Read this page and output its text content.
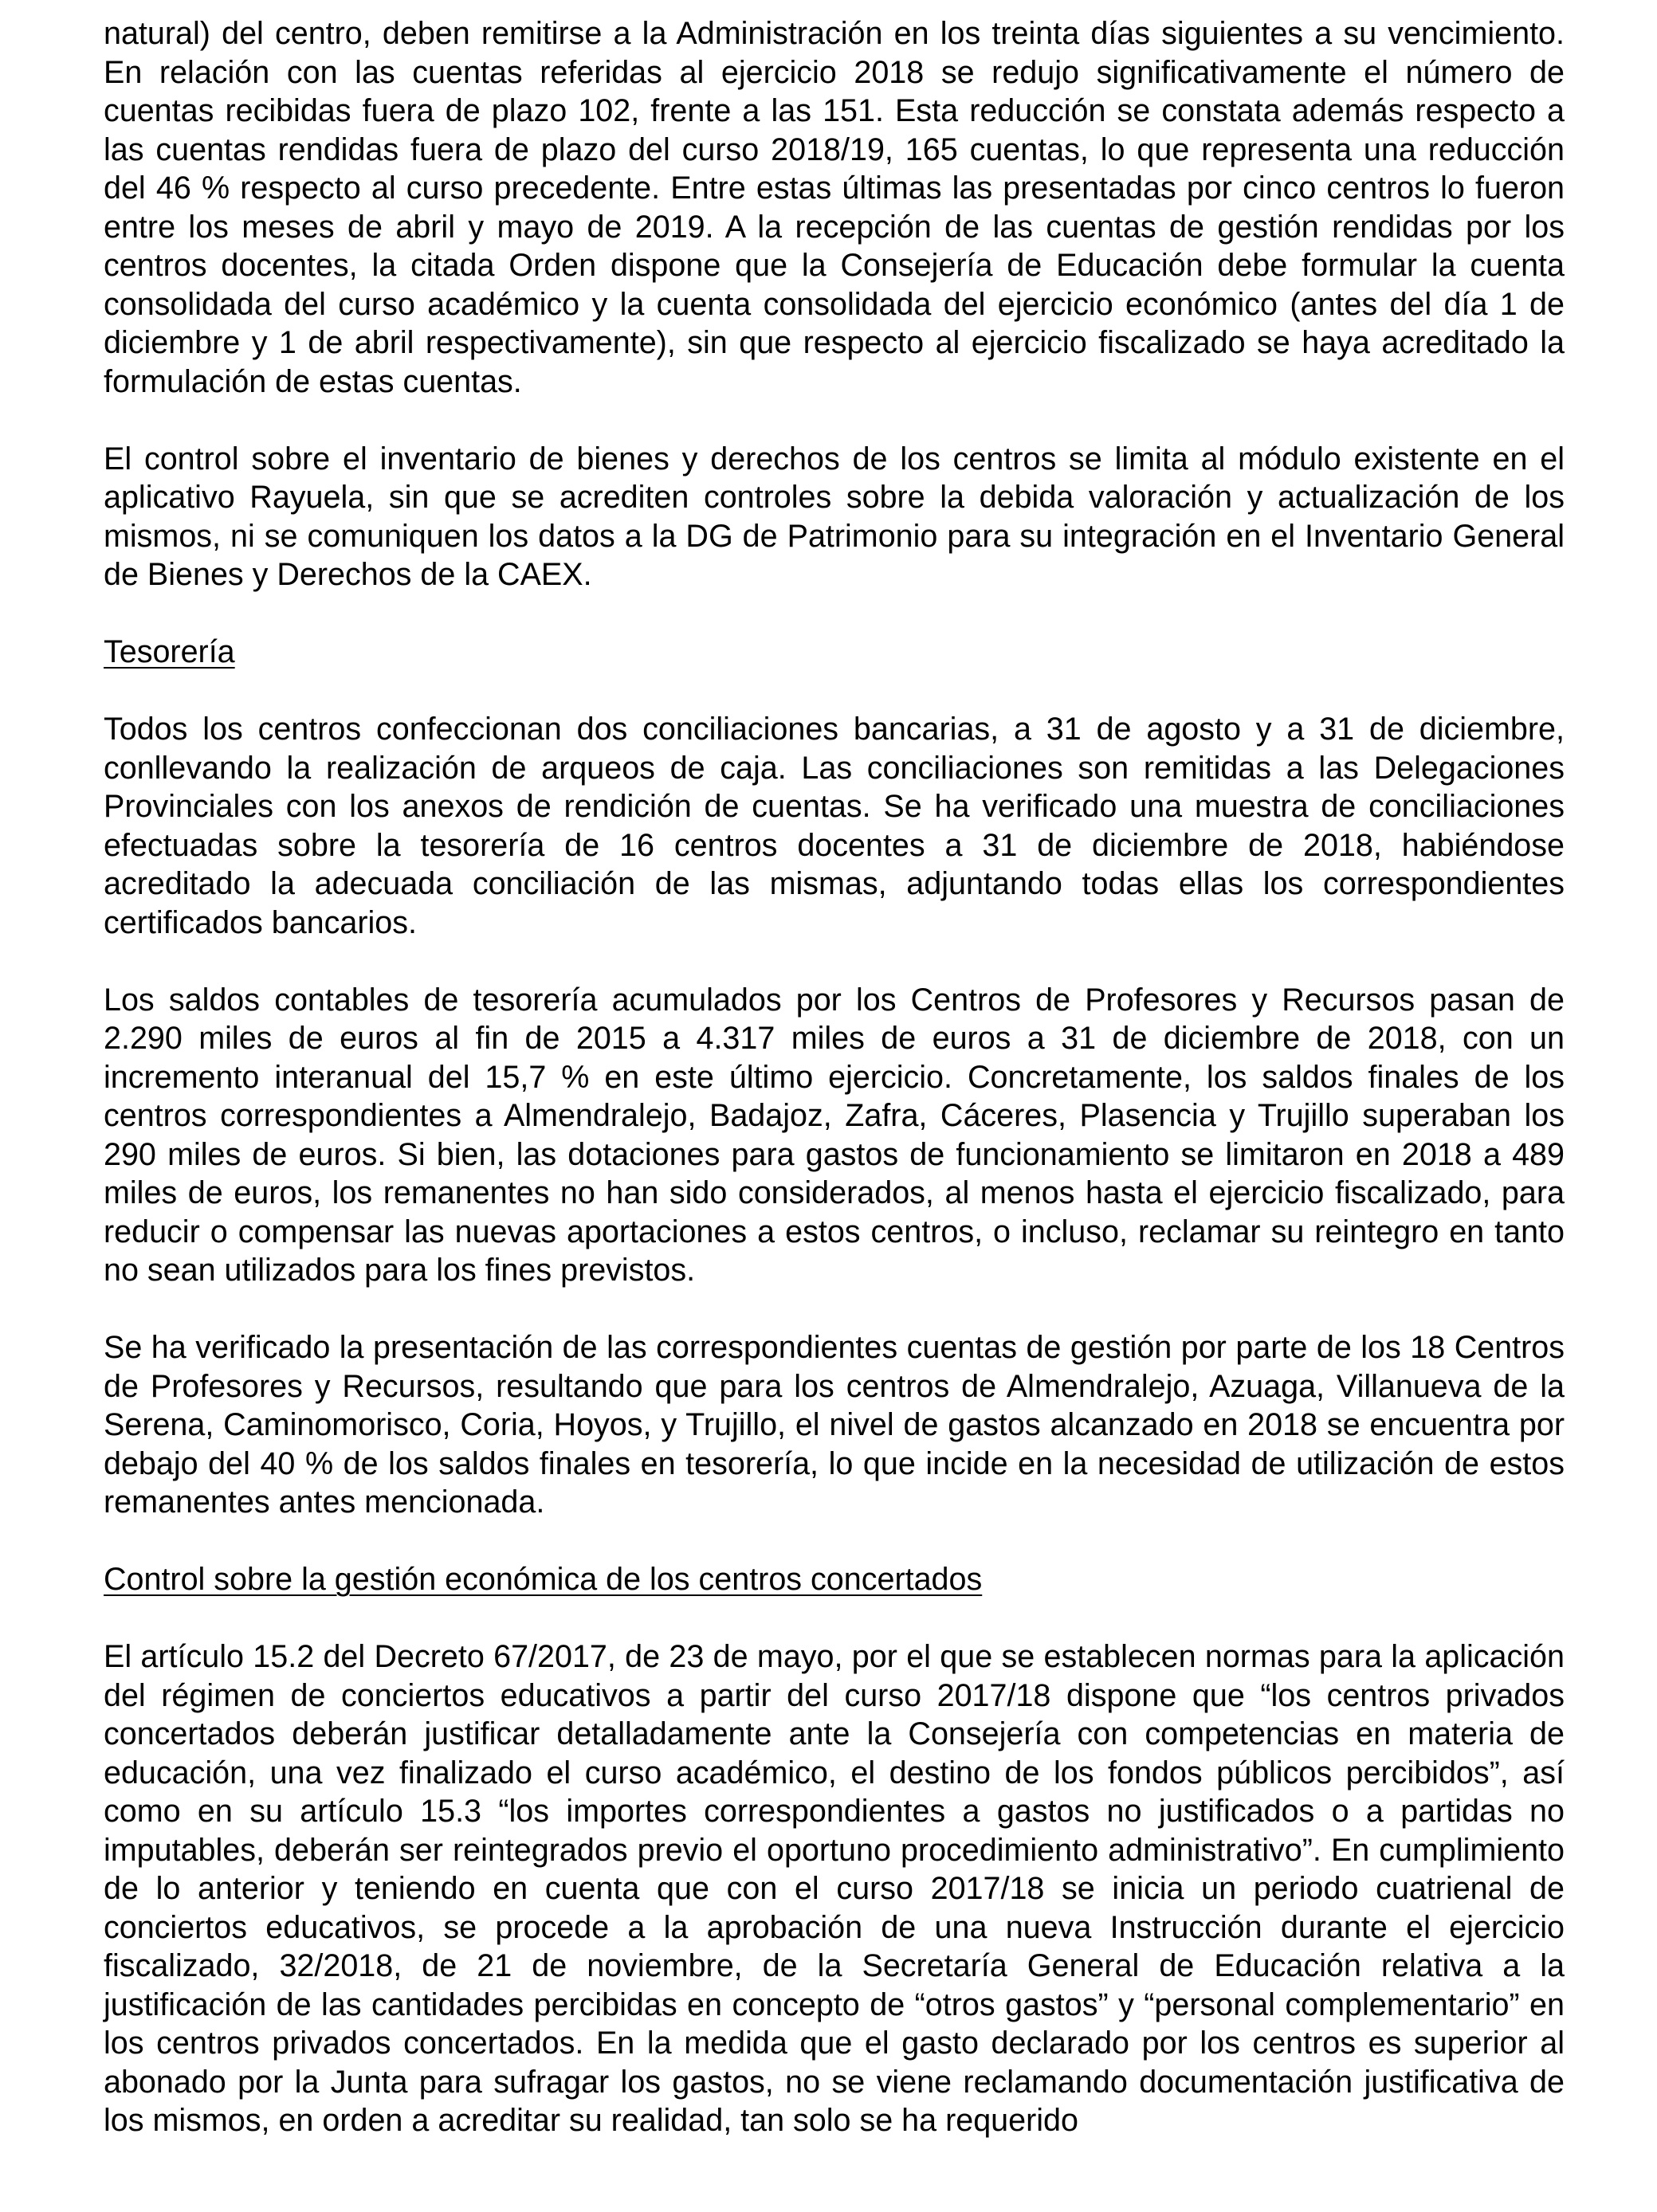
natural) del centro, deben remitirse a la Administración en los treinta días siguientes a su vencimiento. En relación con las cuentas referidas al ejercicio 2018 se redujo significativamente el número de cuentas recibidas fuera de plazo 102, frente a las 151. Esta reducción se constata además respecto a las cuentas rendidas fuera de plazo del curso 2018/19, 165 cuentas, lo que representa una reducción del 46 % respecto al curso precedente. Entre estas últimas las presentadas por cinco centros lo fueron entre los meses de abril y mayo de 2019. A la recepción de las cuentas de gestión rendidas por los centros docentes, la citada Orden dispone que la Consejería de Educación debe formular la cuenta consolidada del curso académico y la cuenta consolidada del ejercicio económico (antes del día 1 de diciembre y 1 de abril respectivamente), sin que respecto al ejercicio fiscalizado se haya acreditado la formulación de estas cuentas.

El control sobre el inventario de bienes y derechos de los centros se limita al módulo existente en el aplicativo Rayuela, sin que se acrediten controles sobre la debida valoración y actualización de los mismos, ni se comuniquen los datos a la DG de Patrimonio para su integración en el Inventario General de Bienes y Derechos de la CAEX.

Tesorería

Todos los centros confeccionan dos conciliaciones bancarias, a 31 de agosto y a 31 de diciembre, conllevando la realización de arqueos de caja. Las conciliaciones son remitidas a las Delegaciones Provinciales con los anexos de rendición de cuentas. Se ha verificado una muestra de conciliaciones efectuadas sobre la tesorería de 16 centros docentes a 31 de diciembre de 2018, habiéndose acreditado la adecuada conciliación de las mismas, adjuntando todas ellas los correspondientes certificados bancarios.

Los saldos contables de tesorería acumulados por los Centros de Profesores y Recursos pasan de 2.290 miles de euros al fin de 2015 a 4.317 miles de euros a 31 de diciembre de 2018, con un incremento interanual del 15,7 % en este último ejercicio. Concretamente, los saldos finales de los centros correspondientes a Almendralejo, Badajoz, Zafra, Cáceres, Plasencia y Trujillo superaban los 290 miles de euros. Si bien, las dotaciones para gastos de funcionamiento se limitaron en 2018 a 489 miles de euros, los remanentes no han sido considerados, al menos hasta el ejercicio fiscalizado, para reducir o compensar las nuevas aportaciones a estos centros, o incluso, reclamar su reintegro en tanto no sean utilizados para los fines previstos.

Se ha verificado la presentación de las correspondientes cuentas de gestión por parte de los 18 Centros de Profesores y Recursos, resultando que para los centros de Almendralejo, Azuaga, Villanueva de la Serena, Caminomorisco, Coria, Hoyos, y Trujillo, el nivel de gastos alcanzado en 2018 se encuentra por debajo del 40 % de los saldos finales en tesorería, lo que incide en la necesidad de utilización de estos remanentes antes mencionada.

Control sobre la gestión económica de los centros concertados

El artículo 15.2 del Decreto 67/2017, de 23 de mayo, por el que se establecen normas para la aplicación del régimen de conciertos educativos a partir del curso 2017/18 dispone que “los centros privados concertados deberán justificar detalladamente ante la Consejería con competencias en materia de educación, una vez finalizado el curso académico, el destino de los fondos públicos percibidos”, así como en su artículo 15.3 “los importes correspondientes a gastos no justificados o a partidas no imputables, deberán ser reintegrados previo el oportuno procedimiento administrativo”. En cumplimiento de lo anterior y teniendo en cuenta que con el curso 2017/18 se inicia un periodo cuatrienal de conciertos educativos, se procede a la aprobación de una nueva Instrucción durante el ejercicio fiscalizado, 32/2018, de 21 de noviembre, de la Secretaría General de Educación relativa a la justificación de las cantidades percibidas en concepto de “otros gastos” y “personal complementario” en los centros privados concertados. En la medida que el gasto declarado por los centros es superior al abonado por la Junta para sufragar los gastos, no se viene reclamando documentación justificativa de los mismos, en orden a acreditar su realidad, tan solo se ha requerido
